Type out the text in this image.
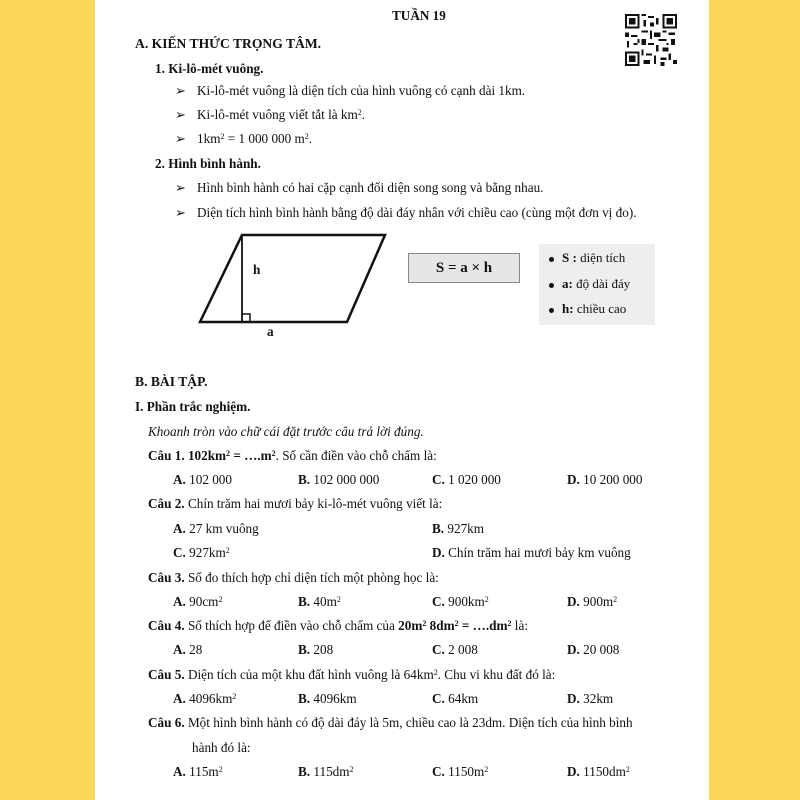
TUẦN 19
A. KIẾN THỨC TRỌNG TÂM.
1. Ki-lô-mét vuông.
➢ Ki-lô-mét vuông là diện tích của hình vuông có cạnh dài 1km.
➢ Ki-lô-mét vuông viết tắt là $km^2$.
➢ $1km^2 = 1$ 000 000 $m^2$.
2. Hình bình hành.
➢ Hình bình hành có hai cặp cạnh đối diện song song và bằng nhau.
➢ Diện tích hình bình hành bằng độ dài đáy nhân với chiều cao (cùng một đơn vị đo).
h
a
S = a × h
S : diện tích
a: độ dài đáy
h: chiều cao
B. BÀI TẬP.
I. Phần trắc nghiệm.
Khoanh tròn vào chữ cái đặt trước câu trả lời đúng.
Câu 1. $102km^2$ = $\dots.m^2$. Số cần điền vào chỗ chấm là:
A. 102 000	B. 102 000 000	C. 1 020 000	D. 10 200 000
Câu 2. Chín trăm hai mươi bảy ki-lô-mét vuông viết là:
A. 27 km vuông	B. 927km
C. $927km^2$	D. Chín trăm hai mươi bảy km vuông
Câu 3. Số đo thích hợp chỉ diện tích một phòng học là:
A. $90cm^2$	B. $40m^2$	C. $900km^2$	D. $900m^2$
Câu 4. Số thích hợp để điền vào chỗ chấm của $20m^2$ $8dm^2$ = $\dots.dm^2$ là:
A. 28	B. 208	C. 2 008	D. 20 008
Câu 5. Diện tích của một khu đất hình vuông là $64km^2$. Chu vi khu đất đó là:
A. $4096km^2$	B. 4096km	C. 64km	D. 32km
Câu 6. Một hình bình hành có độ dài đáy là 5m, chiều cao là 23dm. Diện tích của hình bình
hành đó là:
A. $115m^2$	B. $115dm^2$	C. $1150m^2$	D. $1150dm^2$
